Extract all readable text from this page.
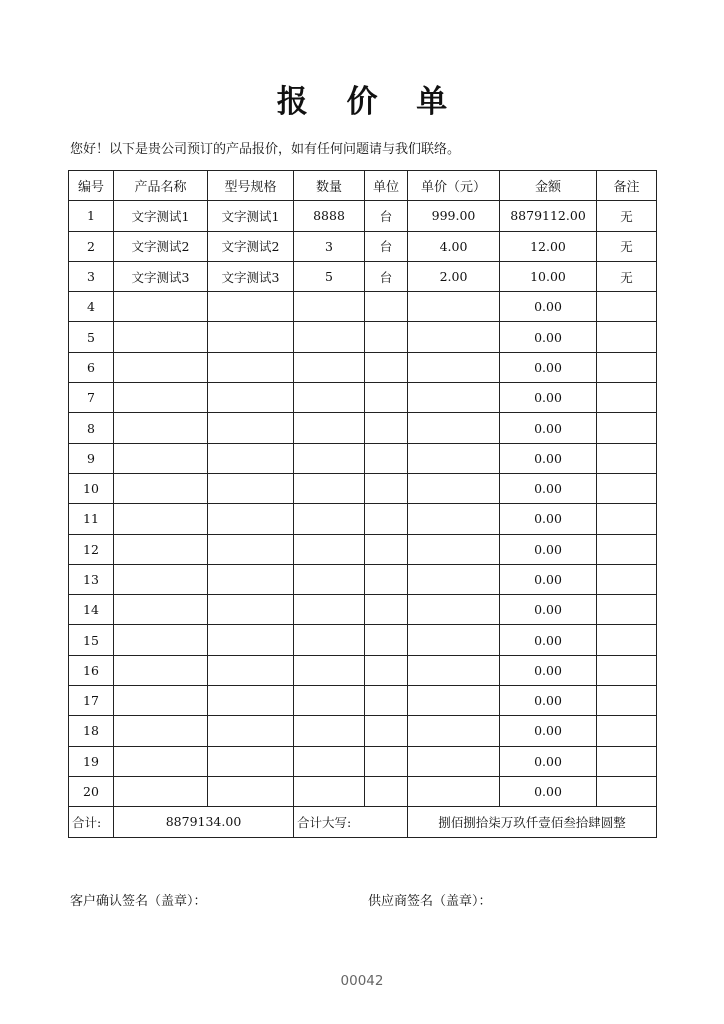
报 价 单
您好！以下是贵公司预订的产品报价，如有任何问题请与我们联络。
编号	产品名称	型号规格	数量	单位	单价（元）	金额	备注
1	文字测试1	文字测试1	8888	台	999.00	8879112.00	无
2	文字测试2	文字测试2	3	台	4.00	12.00	无
3	文字测试3	文字测试3	5	台	2.00	10.00	无
4						0.00	
5						0.00	
6						0.00	
7						0.00	
8						0.00	
9						0.00	
10						0.00	
11						0.00	
12						0.00	
13						0.00	
14						0.00	
15						0.00	
16						0.00	
17						0.00	
18						0.00	
19						0.00	
20						0.00	
合计:	8879134.00		合计大写:		捌佰捌拾柒万玖仟壹佰叁拾肆圆整		
客户确认签名（盖章）：	供应商签名（盖章）：
00042
